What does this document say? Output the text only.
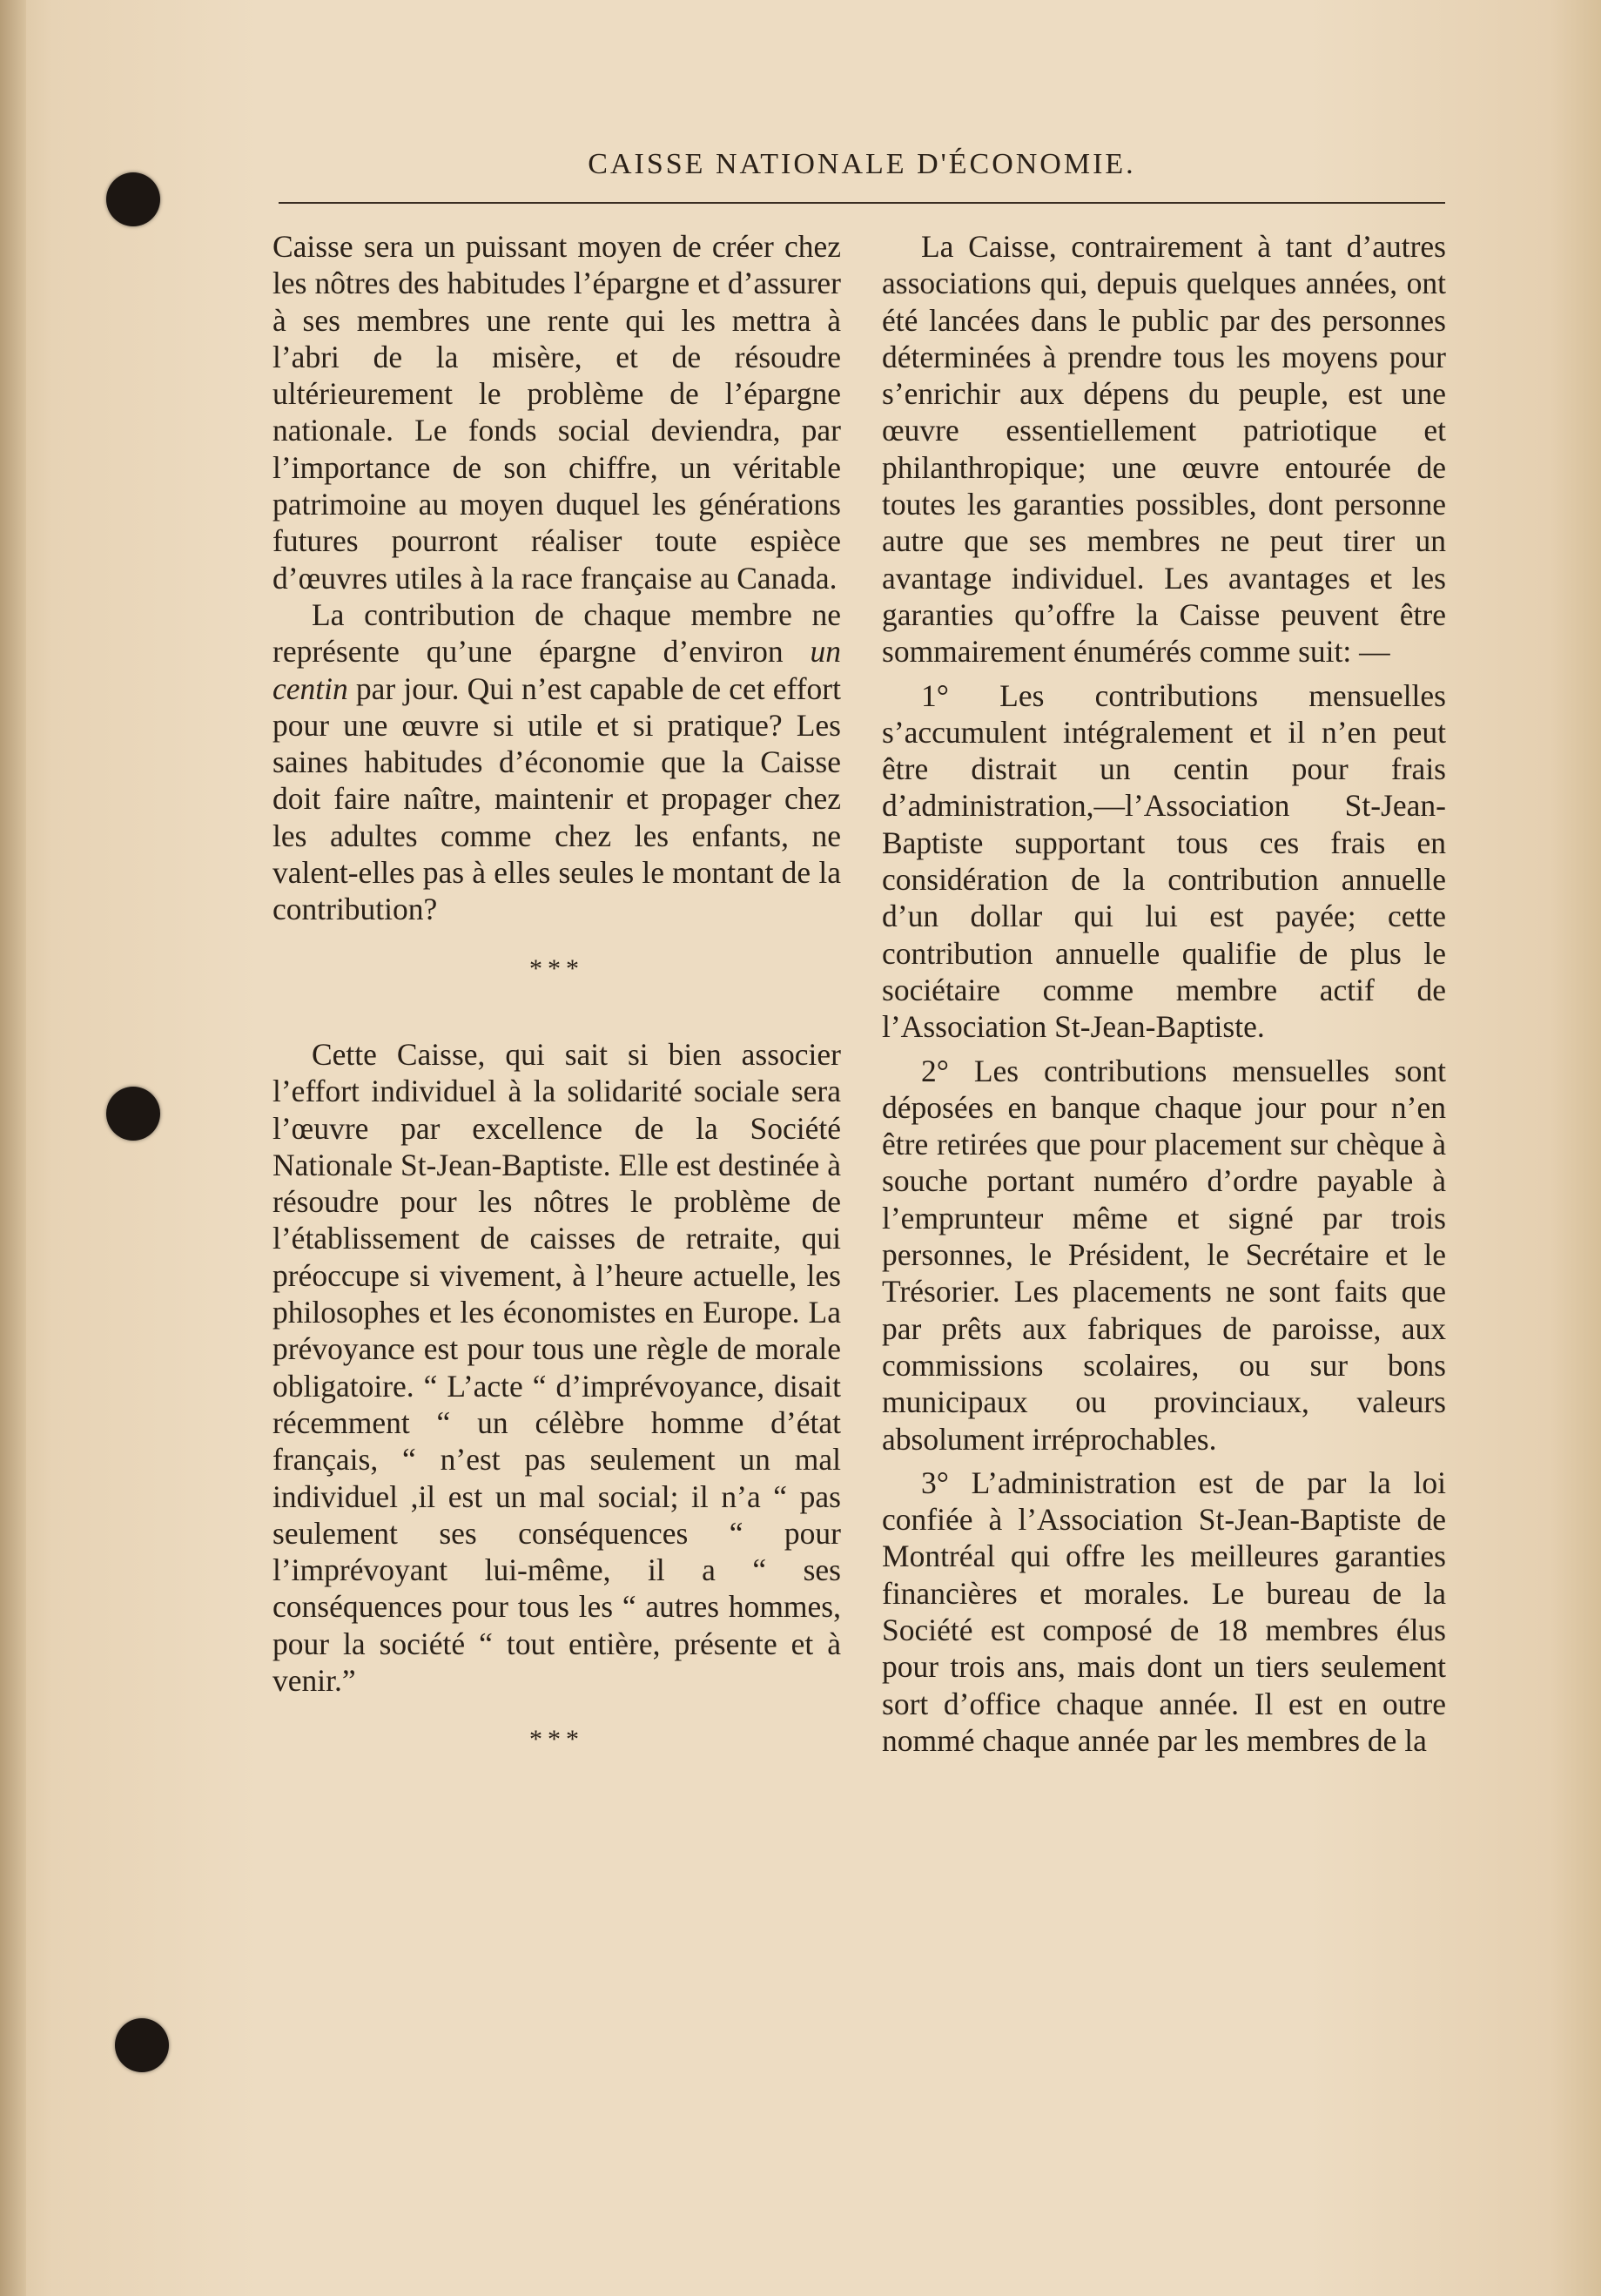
CAISSE NATIONALE D'ÉCONOMIE.

Caisse sera un puissant moyen de créer chez les nôtres des habitudes l’épargne et d’assurer à ses membres une rente qui les mettra à l’abri de la misère, et de résoudre ultérieurement le problème de l’épargne nationale. Le fonds social deviendra, par l’importance de son chiffre, un véritable patrimoine au moyen duquel les générations futures pourront réaliser toute espièce d’œuvres utiles à la race française au Canada.

La contribution de chaque membre ne représente qu’une épargne d’environ un centin par jour. Qui n’est capable de cet effort pour une œuvre si utile et si pratique? Les saines habitudes d’économie que la Caisse doit faire naître, maintenir et propager chez les adultes comme chez les enfants, ne valent-elles pas à elles seules le montant de la contribution?

***

Cette Caisse, qui sait si bien associer l’effort individuel à la solidarité sociale sera l’œuvre par excellence de la Société Nationale St-Jean-Baptiste. Elle est destinée à résoudre pour les nôtres le problème de l’établissement de caisses de retraite, qui préoccupe si vivement, à l’heure actuelle, les philosophes et les économistes en Europe. La prévoyance est pour tous une règle de morale obligatoire. “ L’acte “ d’imprévoyance, disait récemment “ un célèbre homme d’état français, “ n’est pas seulement un mal individuel ,il est un mal social; il n’a “ pas seulement ses conséquences “ pour l’imprévoyant lui-même, il a “ ses conséquences pour tous les “ autres hommes, pour la société “ tout entière, présente et à venir.”

***

La Caisse, contrairement à tant d’autres associations qui, depuis quelques années, ont été lancées dans le public par des personnes déterminées à prendre tous les moyens pour s’enrichir aux dépens du peuple, est une œuvre essentiellement patriotique et philanthropique; une œuvre entourée de toutes les garanties possibles, dont personne autre que ses membres ne peut tirer un avantage individuel. Les avantages et les garanties qu’offre la Caisse peuvent être sommairement énumérés comme suit: —

1° Les contributions mensuelles s’accumulent intégralement et il n’en peut être distrait un centin pour frais d’administration,—l’Association St-Jean-Baptiste supportant tous ces frais en considération de la contribution annuelle d’un dollar qui lui est payée; cette contribution annuelle qualifie de plus le sociétaire comme membre actif de l’Association St-Jean-Baptiste.

2° Les contributions mensuelles sont déposées en banque chaque jour pour n’en être retirées que pour placement sur chèque à souche portant numéro d’ordre payable à l’emprunteur même et signé par trois personnes, le Président, le Secrétaire et le Trésorier. Les placements ne sont faits que par prêts aux fabriques de paroisse, aux commissions scolaires, ou sur bons municipaux ou provinciaux, valeurs absolument irréprochables.

3° L’administration est de par la loi confiée à l’Association St-Jean-Baptiste de Montréal qui offre les meilleures garanties financières et morales. Le bureau de la Société est composé de 18 membres élus pour trois ans, mais dont un tiers seulement sort d’office chaque année. Il est en outre nommé chaque année par les membres de la
